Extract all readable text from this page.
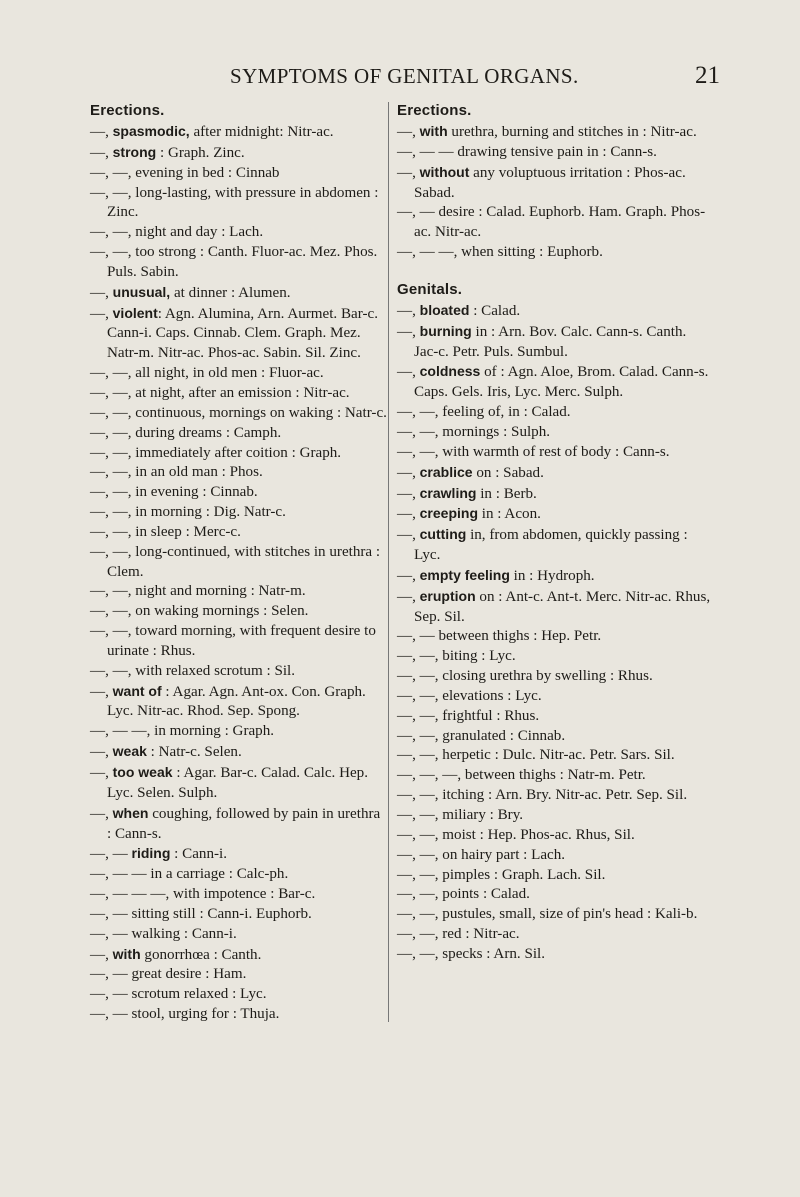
SYMPTOMS OF GENITAL ORGANS.	21
Erections.
—, spasmodic, after midnight: Nitr-ac.
—, strong : Graph. Zinc.
—, —, evening in bed : Cinnab
—, —, long-lasting, with pressure in abdomen : Zinc.
—, —, night and day : Lach.
—, —, too strong : Canth. Fluor-ac. Mez. Phos. Puls. Sabin.
—, unusual, at dinner : Alumen.
—, violent: Agn. Alumina, Arn. Aurmet. Bar-c. Cann-i. Caps. Cinnab. Clem. Graph. Mez. Natr-m. Nitr-ac. Phos-ac. Sabin. Sil. Zinc.
—, —, all night, in old men : Fluor-ac.
—, —, at night, after an emission : Nitr-ac.
—, —, continuous, mornings on waking : Natr-c.
—, —, during dreams : Camph.
—, —, immediately after coition : Graph.
—, —, in an old man : Phos.
—, —, in evening : Cinnab.
—, —, in morning : Dig. Natr-c.
—, —, in sleep : Merc-c.
—, —, long-continued, with stitches in urethra : Clem.
—, —, night and morning : Natr-m.
—, —, on waking mornings : Selen.
—, —, toward morning, with frequent desire to urinate : Rhus.
—, —, with relaxed scrotum : Sil.
—, want of : Agar. Agn. Ant-ox. Con. Graph. Lyc. Nitr-ac. Rhod. Sep. Spong.
—, — —, in morning : Graph.
—, weak : Natr-c. Selen.
—, too weak : Agar. Bar-c. Calad. Calc. Hep. Lyc. Selen. Sulph.
—, when coughing, followed by pain in urethra : Cann-s.
—, — riding : Cann-i.
—, — — in a carriage : Calc-ph.
—, — — —, with impotence : Bar-c.
—, — sitting still : Cann-i. Euphorb.
—, — walking : Cann-i.
—, with gonorrhœa : Canth.
—, — great desire : Ham.
—, — scrotum relaxed : Lyc.
—, — stool, urging for : Thuja.
Erections.
—, with urethra, burning and stitches in : Nitr-ac.
—, — — drawing tensive pain in : Cann-s.
—, without any voluptuous irritation : Phos-ac. Sabad.
—, — desire : Calad. Euphorb. Ham. Graph. Phos-ac. Nitr-ac.
—, — —, when sitting : Euphorb.
Genitals.
—, bloated : Calad.
—, burning in : Arn. Bov. Calc. Cann-s. Canth. Jac-c. Petr. Puls. Sumbul.
—, coldness of : Agn. Aloe, Brom. Calad. Cann-s. Caps. Gels. Iris, Lyc. Merc. Sulph.
—, —, feeling of, in : Calad.
—, —, mornings : Sulph.
—, —, with warmth of rest of body : Cann-s.
—, crablice on : Sabad.
—, crawling in : Berb.
—, creeping in : Acon.
—, cutting in, from abdomen, quickly passing : Lyc.
—, empty feeling in : Hydroph.
—, eruption on : Ant-c. Ant-t. Merc. Nitr-ac. Rhus, Sep. Sil.
—, — between thighs : Hep. Petr.
—, —, biting : Lyc.
—, —, closing urethra by swelling : Rhus.
—, —, elevations : Lyc.
—, —, frightful : Rhus.
—, —, granulated : Cinnab.
—, —, herpetic : Dulc. Nitr-ac. Petr. Sars. Sil.
—, —, —, between thighs : Natr-m. Petr.
—, —, itching : Arn. Bry. Nitr-ac. Petr. Sep. Sil.
—, —, miliary : Bry.
—, —, moist : Hep. Phos-ac. Rhus, Sil.
—, —, on hairy part : Lach.
—, —, pimples : Graph. Lach. Sil.
—, —, points : Calad.
—, —, pustules, small, size of pin's head : Kali-b.
—, —, red : Nitr-ac.
—, —, specks : Arn. Sil.
